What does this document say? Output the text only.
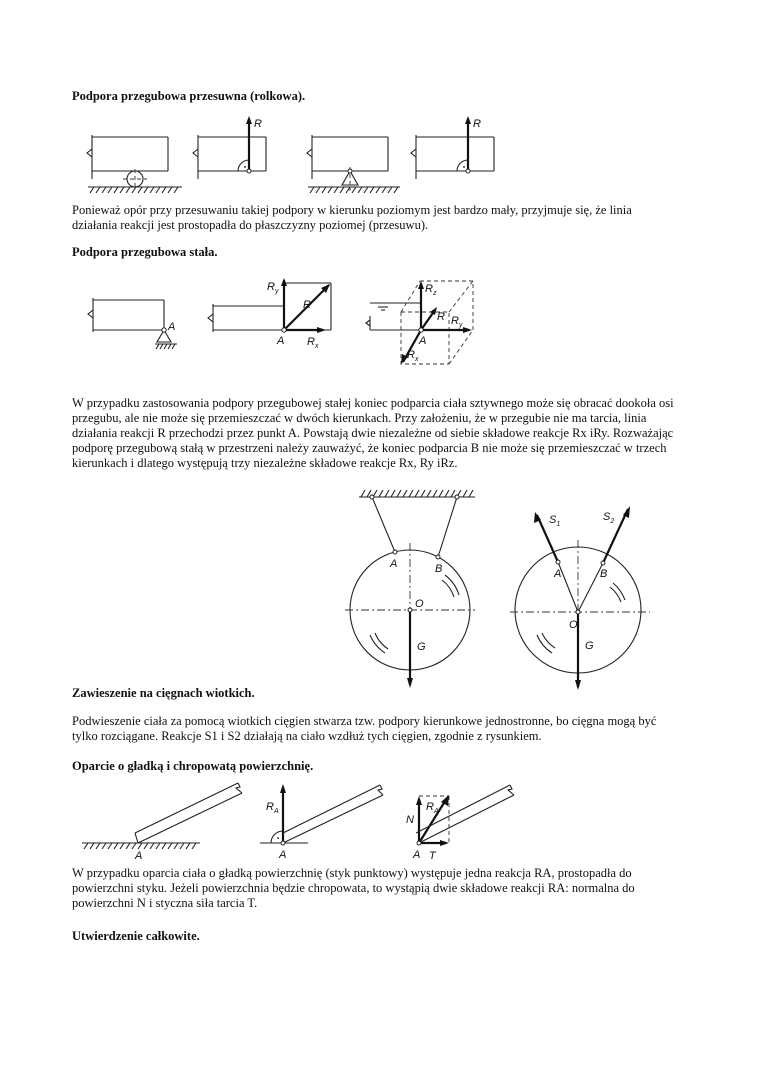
Podpora przegubowa przesuwna (rolkowa).
R	R
Ponieważ opór przy przesuwaniu takiej podpory w kierunku poziomym jest bardzo mały, przyjmuje się, że linia
działania reakcji jest prostopadła do płaszczyzny poziomej (przesuwu).
Podpora przegubowa stała.
A
$R_y$
R
A $R_x$
$R_z$
R $R_y$
A
$R_x$
W przypadku zastosowania podpory przegubowej stałej koniec podparcia ciała sztywnego może się obracać dookoła osi
przegubu, ale nie może się przemieszczać w dwóch kierunkach. Przy założeniu, że w przegubie nie ma tarcia, linia
działania reakcji R przechodzi przez punkt A. Powstają dwie niezależne od siebie składowe reakcje Rx iRy. Rozważając
podporę przegubową stałą w przestrzeni należy zauważyć, że koniec podparcia B nie może się przemieszczać w trzech
kierunkach i dlatego występują trzy niezależne składowe reakcje Rx, Ry iRz.
A	B
O
G
$S_1$
$S_2$
A	B
O
G
Zawieszenie na cięgnach wiotkich.
Podwieszenie ciała za pomocą wiotkich cięgien stwarza tzw. podpory kierunkowe jednostronne, bo cięgna mogą być
tylko rozciągane. Reakcje S1 i S2 działają na ciało wzdłuż tych cięgien, zgodnie z rysunkiem.
Oparcie o gładką i chropowatą powierzchnię.
A
$R_A$
A
N
$R_A$
A T
W przypadku oparcia ciała o gładką powierzchnię (styk punktowy) występuje jedna reakcja RA, prostopadła do
powierzchni styku. Jeżeli powierzchnia będzie chropowata, to wystąpią dwie składowe reakcji RA: normalna do
powierzchni N i styczna siła tarcia T.
Utwierdzenie całkowite.
